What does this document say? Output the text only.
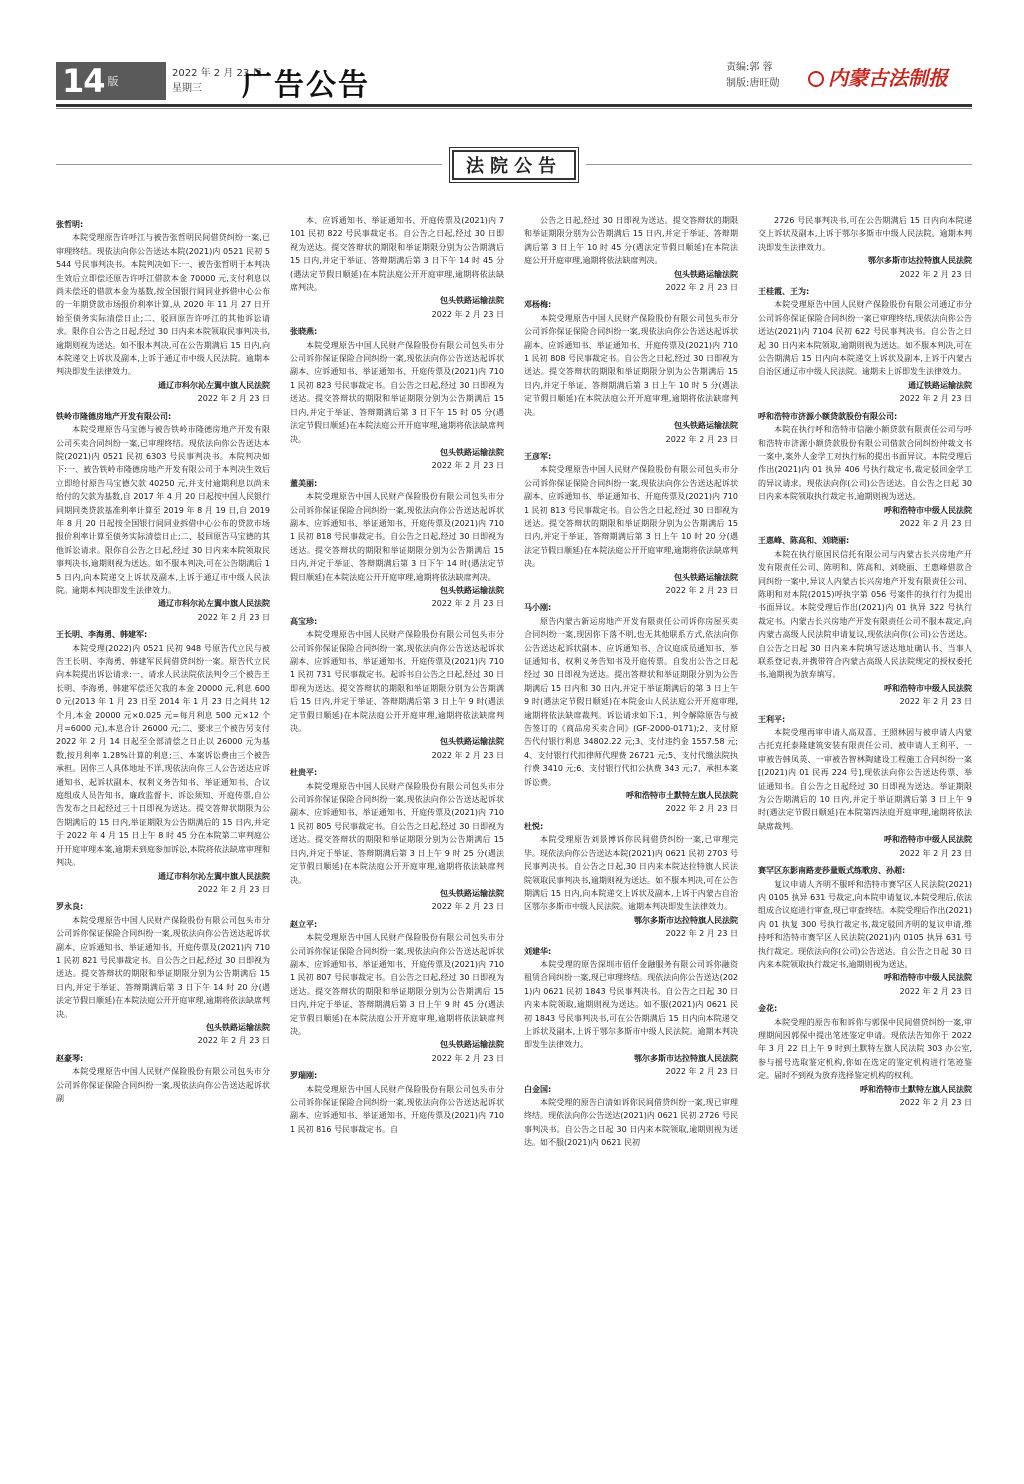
14 版
2022 年 2 月 23 日
星期三	广告公告
责编:郭 蓉
制版:唐旺勋	内蒙古法制报
法院公告
张哲明:
本院受理原告许呼江与被告张哲明民间借贷纠纷一案,已审理终结。现依法向你公告送达本院(2021)内 0521 民初 5544 号民事判决书。本院判决如下:一、被告张哲明于本判决生效后立即偿还原告许呼江借款本金 70000 元,支付利息以尚未偿还的借款本金为基数,按全国银行间同业拆借中心公布的一年期贷款市场报价利率计算,从 2020 年 11 月 27 日开始至债务实际清偿日止;二、驳回原告许呼江的其他诉讼请求。限你自公告之日起,经过 30 日内来本院领取民事判决书,逾期则视为送达。如不服本判决,可在公告期满后 15 日内,向本院递交上诉状及副本,上诉于通辽市中级人民法院。逾期本判决即发生法律效力。
通辽市科尔沁左翼中旗人民法院
2022 年 2 月 23 日
铁岭市隆德房地产开发有限公司:
本院受理原告马宝德与被告铁岭市隆德房地产开发有限公司买卖合同纠纷一案,已审理终结。现依法向你公告送达本院(2021)内 0521 民初 6303 号民事判决书。本院判决如下:一、被告铁岭市隆德房地产开发有限公司于本判决生效后立即给付原告马宝德欠款 40250 元,并支付逾期利息以尚未给付的欠款为基数,自 2017 年 4 月 20 日起按中国人民银行同期同类贷款基准利率计算至 2019 年 8 月 19 日,自 2019 年 8 月 20 日起按全国银行间同业拆借中心公布的贷款市场报价利率计算至债务实际清偿日止;二、驳回原告马宝德的其他诉讼请求。限你自公告之日起,经过 30 日内来本院领取民事判决书,逾期则视为送达。如不服本判决,可在公告期满后 15 日内,向本院递交上诉状及副本,上诉于通辽市中级人民法院。逾期本判决即发生法律效力。
通辽市科尔沁左翼中旗人民法院
2022 年 2 月 23 日
王长明、李海勇、韩建军:
本院受理(2022)内 0521 民初 948 号原告代立民与被告王长明、李海勇、韩建军民间借贷纠纷一案。原告代立民向本院提出诉讼请求:一、请求人民法院依法判令三个被告王长明、李海勇、韩建军偿还欠我的本金 20000 元,利息 6000 元(2013 年 1 月 23 日至 2014 年 1 月 23 日之间共 12 个月,本金 20000 元×0.025 元=每月利息 500 元×12 个月=6000 元),本息合计 26000 元;二、要求三个被告另支付 2022 年 2 月 14 日起至全部清偿之日止以 26000 元为基数,按月利率 1.28%计算的利息;三、本案诉讼费由三个被告承担。因你三人具体地址不详,现依法向你三人公告送达应诉通知书、起诉状副本、权利义务告知书、举证通知书、合议庭组成人员告知书、廉政监督卡、诉讼须知、开庭传票,自公告发布之日起经过三十日即视为送达。提交答辩状期限为公告期满后的 15 日内,举证期限为公告期满后的 15 日内,并定于 2022 年 4 月 15 日上午 8 时 45 分在本院第二审判庭公开开庭审理本案,逾期未到庭参加诉讼,本院将依法缺席审理和判决。
通辽市科尔沁左翼中旗人民法院
2022 年 2 月 23 日
罗永良:
本院受理原告中国人民财产保险股份有限公司包头市分公司诉你保证保险合同纠纷一案,现依法向你公告送达起诉状副本、应诉通知书、举证通知书、开庭传票及(2021)内 7101 民初 821 号民事裁定书。自公告之日起,经过 30 日即视为送达。提交答辩状的期限和举证期限分别为公告期满后 15 日内,并定于举证、答辩期满后第 3 日下午 14 时 20 分(遇法定节假日顺延)在本院法庭公开开庭审理,逾期将依法缺席判决。
包头铁路运输法院
2022 年 2 月 23 日
赵豪琴:
本院受理原告中国人民财产保险股份有限公司包头市分公司诉你保证保险合同纠纷一案,现依法向你公告送达起诉状副
本、应诉通知书、举证通知书、开庭传票及(2021)内 7101 民初 822 号民事裁定书。自公告之日起,经过 30 日即视为送达。提交答辩状的期限和举证期限分别为公告期满后 15 日内,并定于举证、答辩期满后第 3 日下午 14 时 45 分(遇法定节假日顺延)在本院法庭公开开庭审理,逾期将依法缺席判决。
包头铁路运输法院
2022 年 2 月 23 日
张晓燕:
本院受理原告中国人民财产保险股份有限公司包头市分公司诉你保证保险合同纠纷一案,现依法向你公告送达起诉状副本、应诉通知书、举证通知书、开庭传票及(2021)内 7101 民初 823 号民事裁定书。自公告之日起,经过 30 日即视为送达。提交答辩状的期限和举证期限分别为公告期满后 15 日内,并定于举证、答辩期满后第 3 日下午 15 时 05 分(遇法定节假日顺延)在本院法庭公开开庭审理,逾期将依法缺席判决。
包头铁路运输法院
2022 年 2 月 23 日
董美丽:
本院受理原告中国人民财产保险股份有限公司包头市分公司诉你保证保险合同纠纷一案,现依法向你公告送达起诉状副本、应诉通知书、举证通知书、开庭传票及(2021)内 7101 民初 818 号民事裁定书。自公告之日起,经过 30 日即视为送达。提交答辩状的期限和举证期限分别为公告期满后 15 日内,并定于举证、答辩期满后第 3 日下午 14 时(遇法定节假日顺延)在本院法庭公开开庭审理,逾期将依法缺席判决。
包头铁路运输法院
2022 年 2 月 23 日
高宝珍:
本院受理原告中国人民财产保险股份有限公司包头市分公司诉你保证保险合同纠纷一案,现依法向你公告送达起诉状副本、应诉通知书、举证通知书、开庭传票及(2021)内 7101 民初 731 号民事裁定书。起诉书自公告之日起,经过 30 日即视为送达。提交答辩状的期限和举证期限分别为公告期满后 15 日内,并定于举证、答辩期满后第 3 日上午 9 时(遇法定节假日顺延)在本院法庭公开开庭审理,逾期将依法缺席判决。
包头铁路运输法院
2022 年 2 月 23 日
杜贵平:
本院受理原告中国人民财产保险股份有限公司包头市分公司诉你保证保险合同纠纷一案,现依法向你公告送达起诉状副本、应诉通知书、举证通知书、开庭传票及(2021)内 7101 民初 805 号民事裁定书。自公告之日起,经过 30 日即视为送达。提交答辩状的期限和举证期限分别为公告期满后 15 日内,并定于举证、答辩期满后第 3 日上午 9 时 25 分(遇法定节假日顺延)在本院法庭公开开庭审理,逾期将依法缺席判决。
包头铁路运输法院
2022 年 2 月 23 日
赵立平:
本院受理原告中国人民财产保险股份有限公司包头市分公司诉你保证保险合同纠纷一案,现依法向你公告送达起诉状副本、应诉通知书、举证通知书、开庭传票及(2021)内 7101 民初 807 号民事裁定书。自公告之日起,经过 30 日即视为送达。提交答辩状的期限和举证期限分别为公告期满后 15 日内,并定于举证、答辩期满后第 3 日上午 9 时 45 分(遇法定节假日顺延)在本院法庭公开开庭审理,逾期将依法缺席判决。
包头铁路运输法院
2022 年 2 月 23 日
罗瑞刚:
本院受理原告中国人民财产保险股份有限公司包头市分公司诉你保证保险合同纠纷一案,现依法向你公告送达起诉状副本、应诉通知书、举证通知书、开庭传票及(2021)内 7101 民初 816 号民事裁定书。自
公告之日起,经过 30 日即视为送达。提交答辩状的期限和举证期限分别为公告期满后 15 日内,并定于举证、答辩期满后第 3 日上午 10 时 45 分(遇法定节假日顺延)在本院法庭公开开庭审理,逾期将依法缺席判决。
包头铁路运输法院
2022 年 2 月 23 日
邓杨梅:
本院受理原告中国人民财产保险股份有限公司包头市分公司诉你保证保险合同纠纷一案,现依法向你公告送达起诉状副本、应诉通知书、举证通知书、开庭传票及(2021)内 7101 民初 808 号民事裁定书。自公告之日起,经过 30 日即视为送达。提交答辩状的期限和举证期限分别为公告期满后 15 日内,并定于举证、答辩期满后第 3 日上午 10 时 5 分(遇法定节假日顺延)在本院法庭公开开庭审理,逾期将依法缺席判决。
包头铁路运输法院
2022 年 2 月 23 日
王彦军:
本院受理原告中国人民财产保险股份有限公司包头市分公司诉你保证保险合同纠纷一案,现依法向你公告送达起诉状副本、应诉通知书、举证通知书、开庭传票及(2021)内 7101 民初 813 号民事裁定书。自公告之日起,经过 30 日即视为送达。提交答辩状的期限和举证期限分别为公告期满后 15 日内,并定于举证、答辩期满后第 3 日上午 10 时 20 分(遇法定节假日顺延)在本院法庭公开开庭审理,逾期将依法缺席判决。
包头铁路运输法院
2022 年 2 月 23 日
马小刚:
原告内蒙古新运房地产开发有限责任公司诉你房屋买卖合同纠纷一案,现因你下落不明,也无其他联系方式,依法向你公告送达起诉状副本、应诉通知书、合议庭成员通知书、举证通知书、权利义务告知书及开庭传票。自发出公告之日起经过 30 日即视为送达。提出答辩状和举证期限分别为公告期满后 15 日内和 30 日内,并定于举证期满后的第 3 日上午 9 时(遇法定节假日顺延)在本院金山人民法庭公开开庭审理,逾期将依法缺席裁判。诉讼请求如下:1、判令解除原告与被告签订的《商品房买卖合同》(GF-2000-0171);2、支付原告代付银行利息 34802.22 元;3、支付违约金 1557.58 元;4、支付银行代扣律师代理费 26721 元;5、支付代缴法院执行费 3410 元;6、支付银行代扣公执费 343 元;7、承担本案诉讼费。
呼和浩特市土默特左旗人民法院
2022 年 2 月 23 日
杜悦:
本院受理原告刘景博诉你民间借贷纠纷一案,已审理完毕。现依法向你公告送达本院(2021)内 0621 民初 2703 号民事判决书。自公告之日起,30 日内来本院达拉特旗人民法院领取民事判决书,逾期则视为送达。如不服本判决,可在公告期满后 15 日内,向本院递交上诉状及副本,上诉于内蒙古自治区鄂尔多斯市中级人民法院。逾期本判决即发生法律效力。
鄂尔多斯市达拉特旗人民法院
2022 年 2 月 23 日
刘建华:
本院受理的原告深圳市佰仟金融服务有限公司诉你融资租赁合同纠纷一案,现已审理终结。现依法向你公告送达(2021)内 0621 民初 1843 号民事判决书。自公告之日起 30 日内来本院领取,逾期则视为送达。如不服(2021)内 0621 民初 1843 号民事判决书,可在公告期满后 15 日内向本院递交上诉状及副本,上诉于鄂尔多斯市中级人民法院。逾期本判决即发生法律效力。
鄂尔多斯市达拉特旗人民法院
2022 年 2 月 23 日
白金国:
本院受理的原告白清如诉你民间借贷纠纷一案,现已审理终结。现依法向你公告送达(2021)内 0621 民初 2726 号民事判决书。自公告之日起 30 日内来本院领取,逾期则视为送达。如不服(2021)内 0621 民初
2726 号民事判决书,可在公告期满后 15 日内向本院递交上诉状及副本,上诉于鄂尔多斯市中级人民法院。逾期本判决即发生法律效力。
鄂尔多斯市达拉特旗人民法院
2022 年 2 月 23 日
王桂霞、王为:
本院受理原告中国人民财产保险股份有限公司通辽市分公司诉你保证保险合同纠纷一案已审理终结,现依法向你公告送达(2021)内 7104 民初 622 号民事判决书。自公告之日起 30 日内来本院领取,逾期则视为送达。如不服本判决,可在公告期满后 15 日内向本院递交上诉状及副本,上诉于内蒙古自治区通辽市中级人民法院。逾期未上诉即发生法律效力。
通辽铁路运输法院
2022 年 2 月 23 日
呼和浩特市济源小额贷款股份有限公司:
本院在执行呼和浩特市信融小额贷款有限责任公司与呼和浩特市济源小额贷款股份有限公司借款合同纠纷仲裁文书一案中,案外人金学工对执行标的提出书面异议。本院受理后作出(2021)内 01 执异 406 号执行裁定书,裁定驳回金学工的异议请求。现依法向你(公司)公告送达。自公告之日起 30 日内来本院领取执行裁定书,逾期则视为送达。
呼和浩特市中级人民法院
2022 年 2 月 23 日
王惠峰、陈高和、刘晓丽:
本院在执行原国民信托有限公司与内蒙古长兴房地产开发有限责任公司、陈明和、陈高和、刘晓丽、王惠峰借款合同纠纷一案中,异议人内蒙古长兴房地产开发有限责任公司、陈明和对本院(2015)呼执字第 056 号案件的执行行为提出书面异议。本院受理后作出(2021)内 01 执异 322 号执行裁定书。内蒙古长兴房地产开发有限责任公司不服本裁定,向内蒙古高级人民法院申请复议,现依法向你(公司)公告送达。自公告之日起 30 日内来本院填写送达地址确认书、当事人联系登记表,并携带符合内蒙古高级人民法院规定的授权委托书,逾期视为放弃填写。
呼和浩特市中级人民法院
2022 年 2 月 23 日
王利平:
本院受理再审申请人高双喜、王照林因与被申请人内蒙古托克托泰隆建筑安装有限责任公司、被申请人王利平、一审被告韩凤英、一审被告智林陶建设工程施工合同纠纷一案[(2021)内 01 民再 224 号],现依法向你公告送达传票、举证通知书。自公告之日起经过 30 日即视为送达。举证期限为公告期满后的 10 日内,并定于举证期满后第 3 日上午 9 时(遇法定节假日顺延)在本院第四法庭开庭审理,逾期将依法缺席裁判。
呼和浩特市中级人民法院
2022 年 2 月 23 日
赛罕区东影南路麦莎量贩式练歌房、孙超:
复议申请人齐明不服呼和浩特市赛罕区人民法院(2021)内 0105 执异 631 号裁定,向本院申请复议,本院受理后,依法组成合议庭进行审查,现已审查终结。本院受理后作出(2021)内 01 执复 300 号执行裁定书,裁定驳回齐明的复议申请,维持呼和浩特市赛罕区人民法院(2021)内 0105 执异 631 号执行裁定。现依法向你(公司)公告送达。自公告之日起 30 日内来本院领取执行裁定书,逾期则视为送达。
呼和浩特市中级人民法院
2022 年 2 月 23 日
金花:
本院受理的原告布和诉你与郭保中民间借贷纠纷一案,审理期间因郭保中提出笔迹鉴定申请。现依法告知你于 2022 年 3 月 22 日上午 9 时到土默特左旗人民法院 303 办公室,参与摇号选取鉴定机构,你如在选定的鉴定机构进行笔迹鉴定。届时不到视为放弃选择鉴定机构的权利。
呼和浩特市土默特左旗人民法院
2022 年 2 月 23 日
